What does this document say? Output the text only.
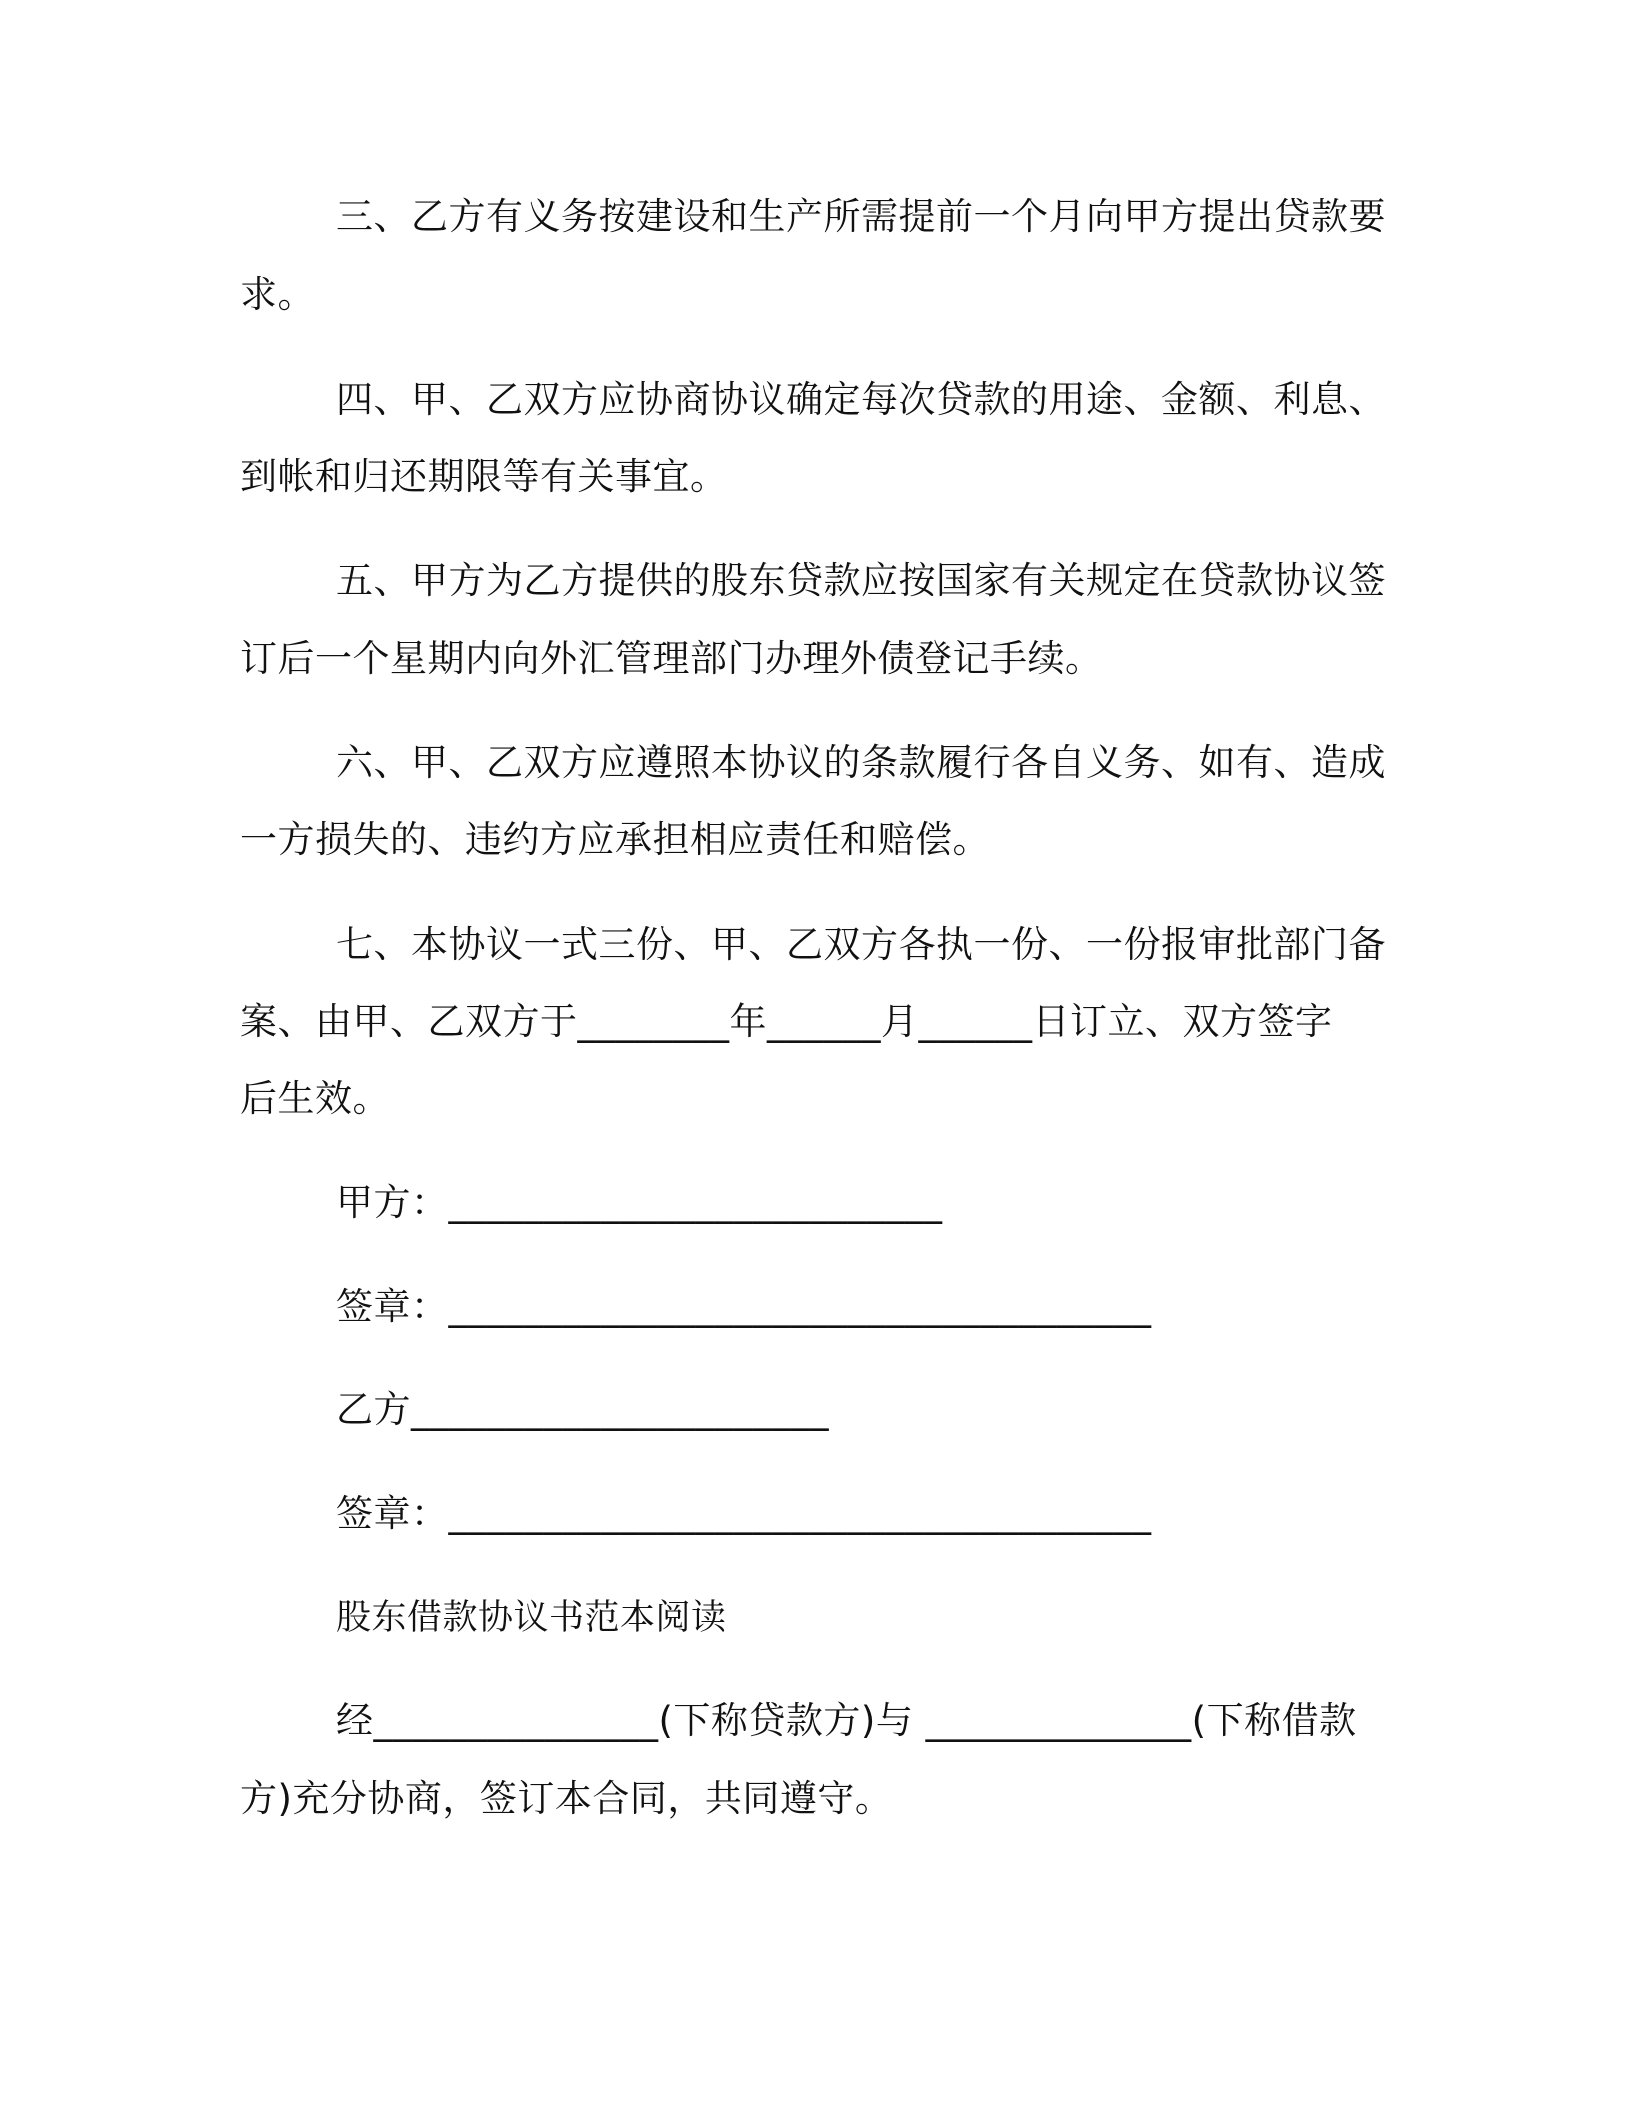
三、乙方有义务按建设和生产所需提前一个月向甲方提出贷款要
求。
四、甲、乙双方应协商协议确定每次贷款的用途、金额、利息、
到帐和归还期限等有关事宜。
五、甲方为乙方提供的股东贷款应按国家有关规定在贷款协议签
订后一个星期内向外汇管理部门办理外债登记手续。
六、甲、乙双方应遵照本协议的条款履行各自义务、如有、造成
一方损失的、违约方应承担相应责任和赔偿。
七、本协议一式三份、甲、乙双方各执一份、一份报审批部门备
案、由甲、乙双方于________年______月______日订立、双方签字
后生效。
甲方：__________________________
签章：_____________________________________
乙方______________________
签章：_____________________________________
股东借款协议书范本阅读
经_______________(下称贷款方)与 ______________(下称借款
方)充分协商，签订本合同，共同遵守。
